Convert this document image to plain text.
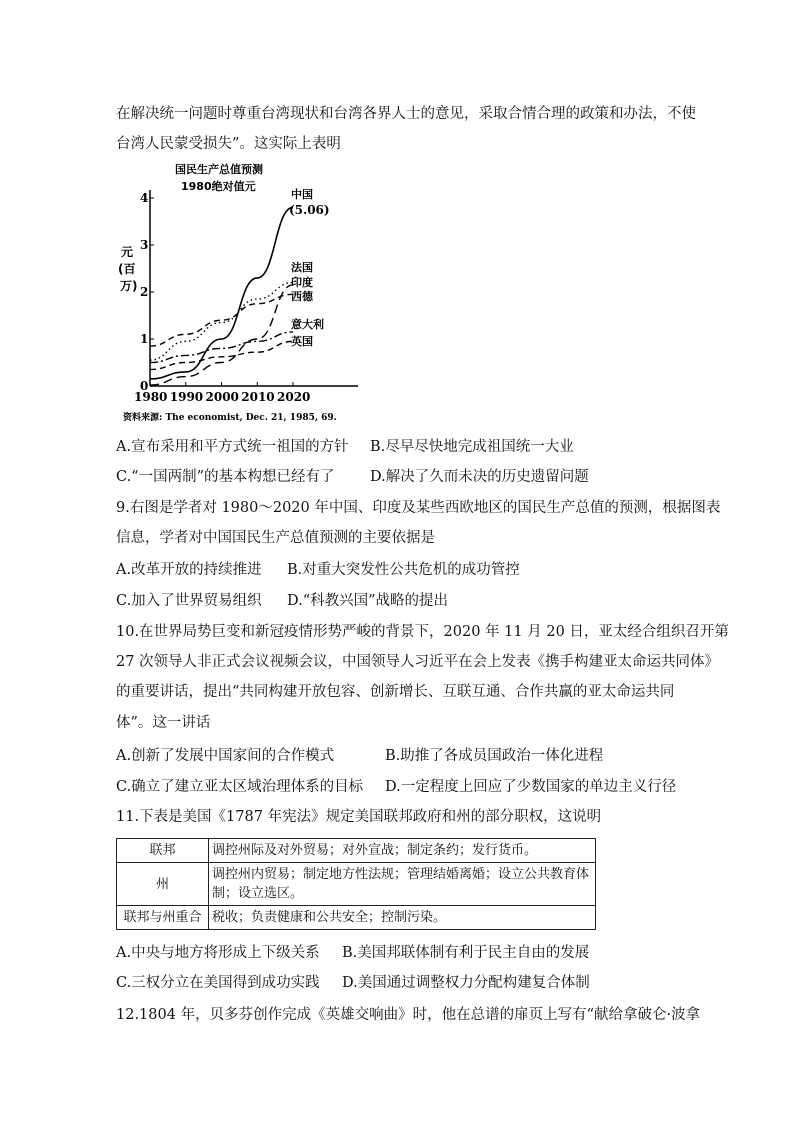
在解决统一问题时尊重台湾现状和台湾各界人士的意见，采取合情合理的政策和办法，不使
台湾人民蒙受损失”。这实际上表明
国民生产总值预测
1980绝对值元
元
(百
万)
0
1
2
3
4
1980 1990 2000 2010 2020
中国
(5.06)
法国
印度
西德
意大利
英国
资料来源: The economist, Dec. 21, 1985, 69.
A.宣布采用和平方式统一祖国的方针 B.尽早尽快地完成祖国统一大业
C.“一国两制”的基本构想已经有了 D.解决了久而未决的历史遗留问题
9.右图是学者对 1980～2020 年中国、印度及某些西欧地区的国民生产总值的预测，根据图表
信息，学者对中国国民生产总值预测的主要依据是
A.改革开放的持续推进 B.对重大突发性公共危机的成功管控
C.加入了世界贸易组织 D.“科教兴国”战略的提出
10.在世界局势巨变和新冠疫情形势严峻的背景下，2020 年 11 月 20 日，亚太经合组织召开第
27 次领导人非正式会议视频会议，中国领导人习近平在会上发表《携手构建亚太命运共同体》
的重要讲话，提出“共同构建开放包容、创新增长、互联互通、合作共赢的亚太命运共同
体”。这一讲话
A.创新了发展中国家间的合作模式	B.助推了各成员国政治一体化进程
C.确立了建立亚太区域治理体系的目标 D.一定程度上回应了少数国家的单边主义行径
11.下表是美国《1787 年宪法》规定美国联邦政府和州的部分职权，这说明
联邦	调控州际及对外贸易；对外宣战；制定条约；发行货币。
州	调控州内贸易；制定地方性法规；管理结婚离婚；设立公共教育体制；设立选区。
联邦与州重合	税收；负责健康和公共安全；控制污染。
A.中央与地方将形成上下级关系 B.美国邦联体制有利于民主自由的发展
C.三权分立在美国得到成功实践 D.美国通过调整权力分配构建复合体制
12.1804 年，贝多芬创作完成《英雄交响曲》时，他在总谱的扉页上写有“献给拿破仑·波拿
